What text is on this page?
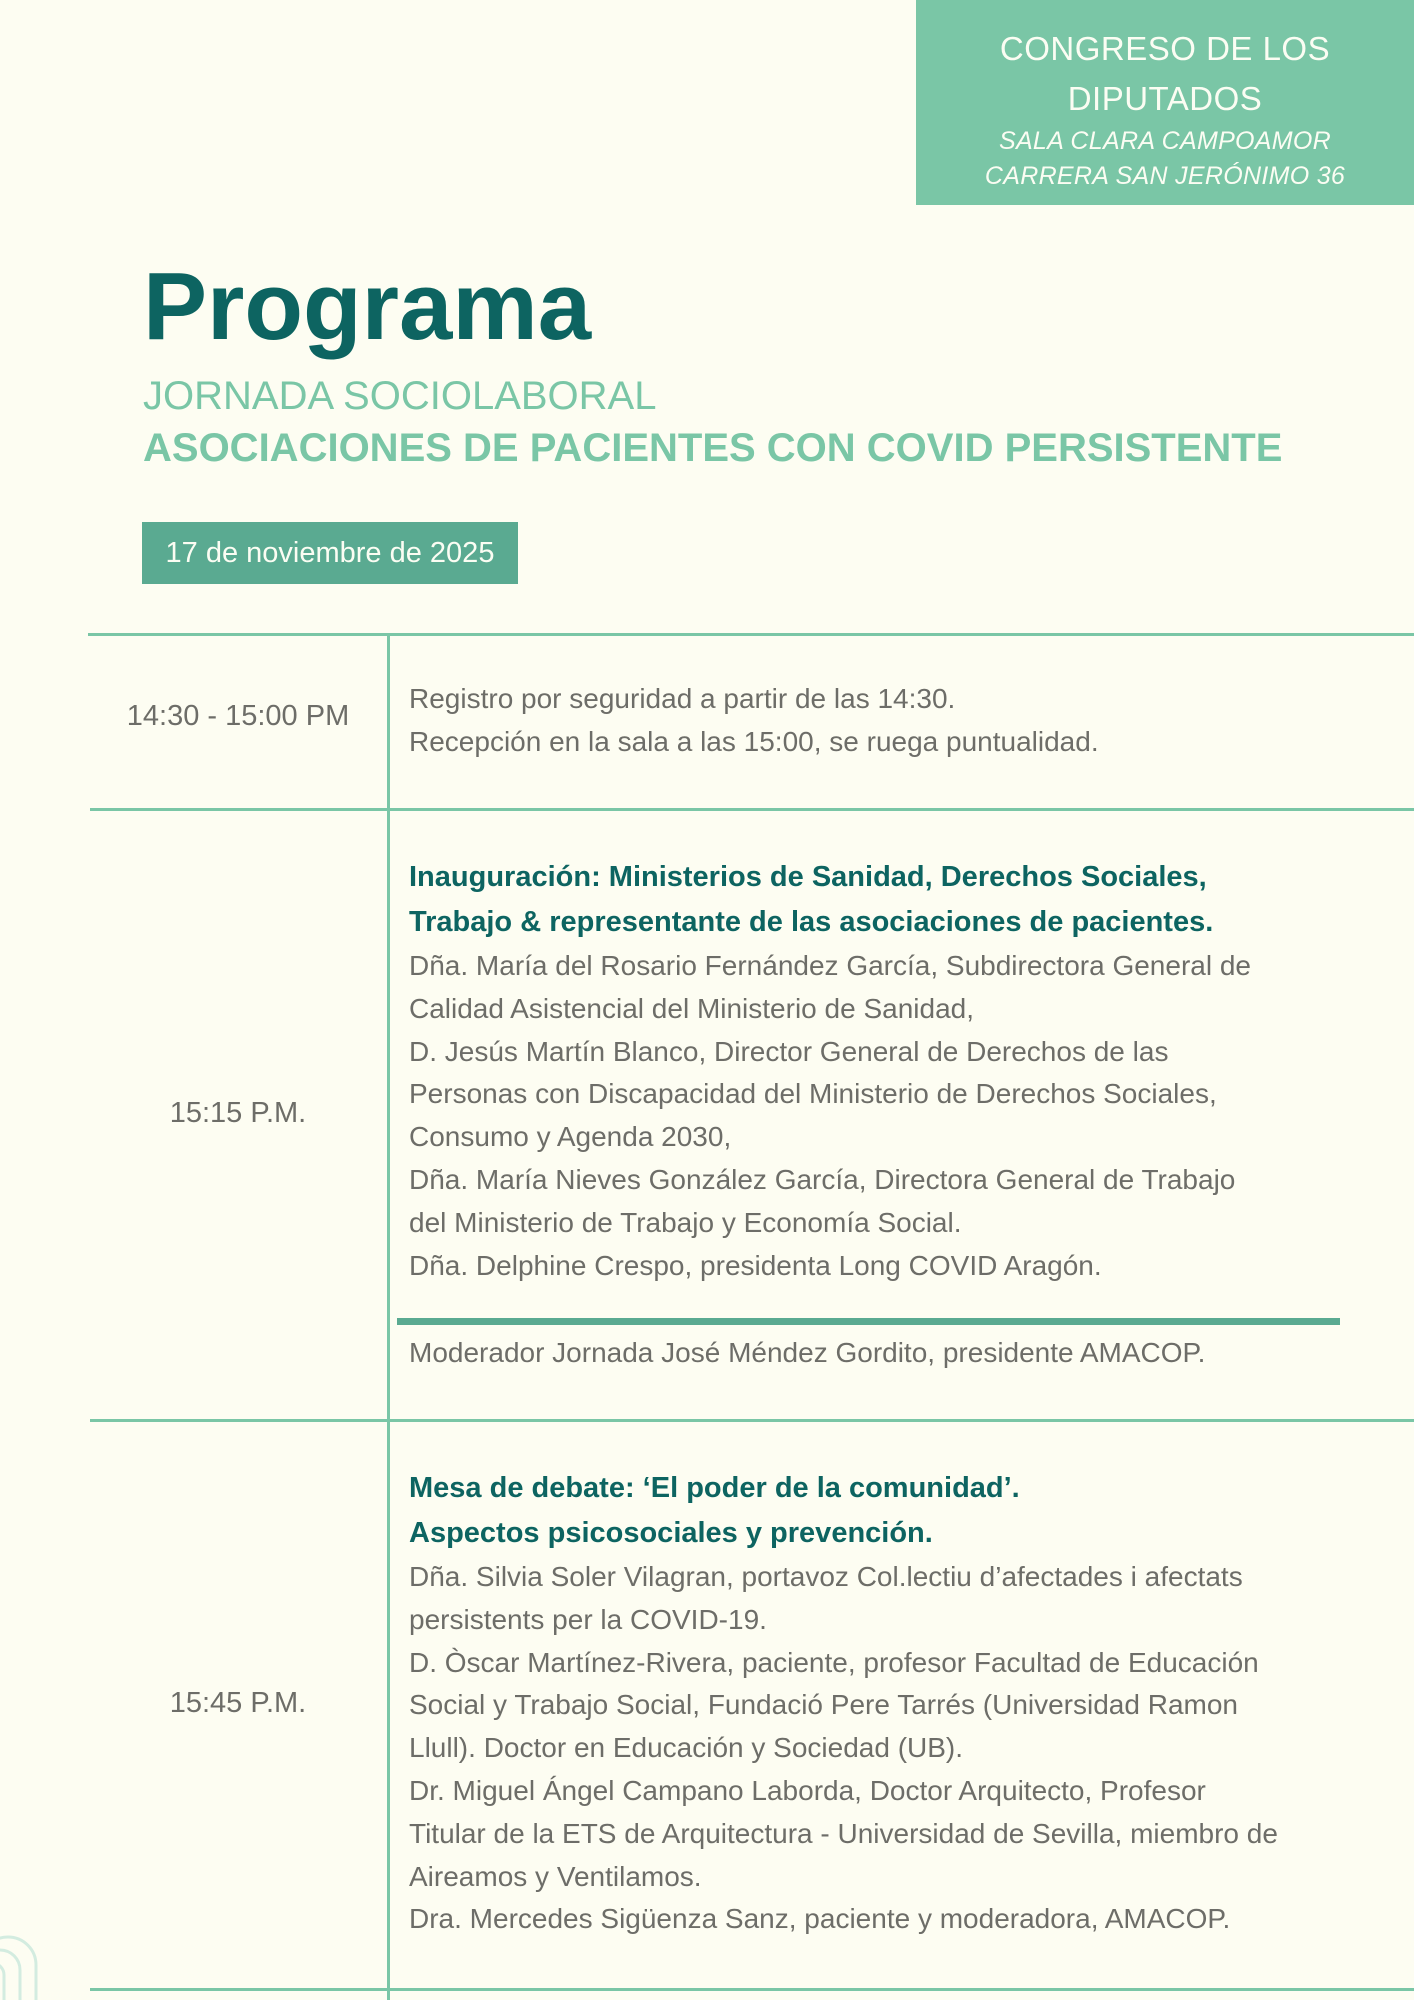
CONGRESO DE LOS
DIPUTADOS
SALA CLARA CAMPOAMOR
CARRERA SAN JERÓNIMO 36
Programa
JORNADA SOCIOLABORAL
ASOCIACIONES DE PACIENTES CON COVID PERSISTENTE
17 de noviembre de 2025
14:30 - 15:00 PM
Registro por seguridad a partir de las 14:30.
Recepción en la sala a las 15:00, se ruega puntualidad.
15:15 P.M.
Inauguración: Ministerios de Sanidad, Derechos Sociales,
Trabajo & representante de las asociaciones de pacientes.
Dña. María del Rosario Fernández García, Subdirectora General de
Calidad Asistencial del Ministerio de Sanidad,
D. Jesús Martín Blanco, Director General de Derechos de las
Personas con Discapacidad del Ministerio de Derechos Sociales,
Consumo y Agenda 2030,
Dña. María Nieves González García, Directora General de Trabajo
del Ministerio de Trabajo y Economía Social.
Dña. Delphine Crespo, presidenta Long COVID Aragón.
Moderador Jornada José Méndez Gordito, presidente AMACOP.
15:45 P.M.
Mesa de debate: ‘El poder de la comunidad’.
Aspectos psicosociales y prevención.
Dña. Silvia Soler Vilagran, portavoz Col.lectiu d’afectades i afectats
persistents per la COVID-19.
D. Òscar Martínez-Rivera, paciente, profesor Facultad de Educación
Social y Trabajo Social, Fundació Pere Tarrés (Universidad Ramon
Llull). Doctor en Educación y Sociedad (UB).
Dr. Miguel Ángel Campano Laborda, Doctor Arquitecto, Profesor
Titular de la ETS de Arquitectura - Universidad de Sevilla, miembro de
Aireamos y Ventilamos.
Dra. Mercedes Sigüenza Sanz, paciente y moderadora, AMACOP.
